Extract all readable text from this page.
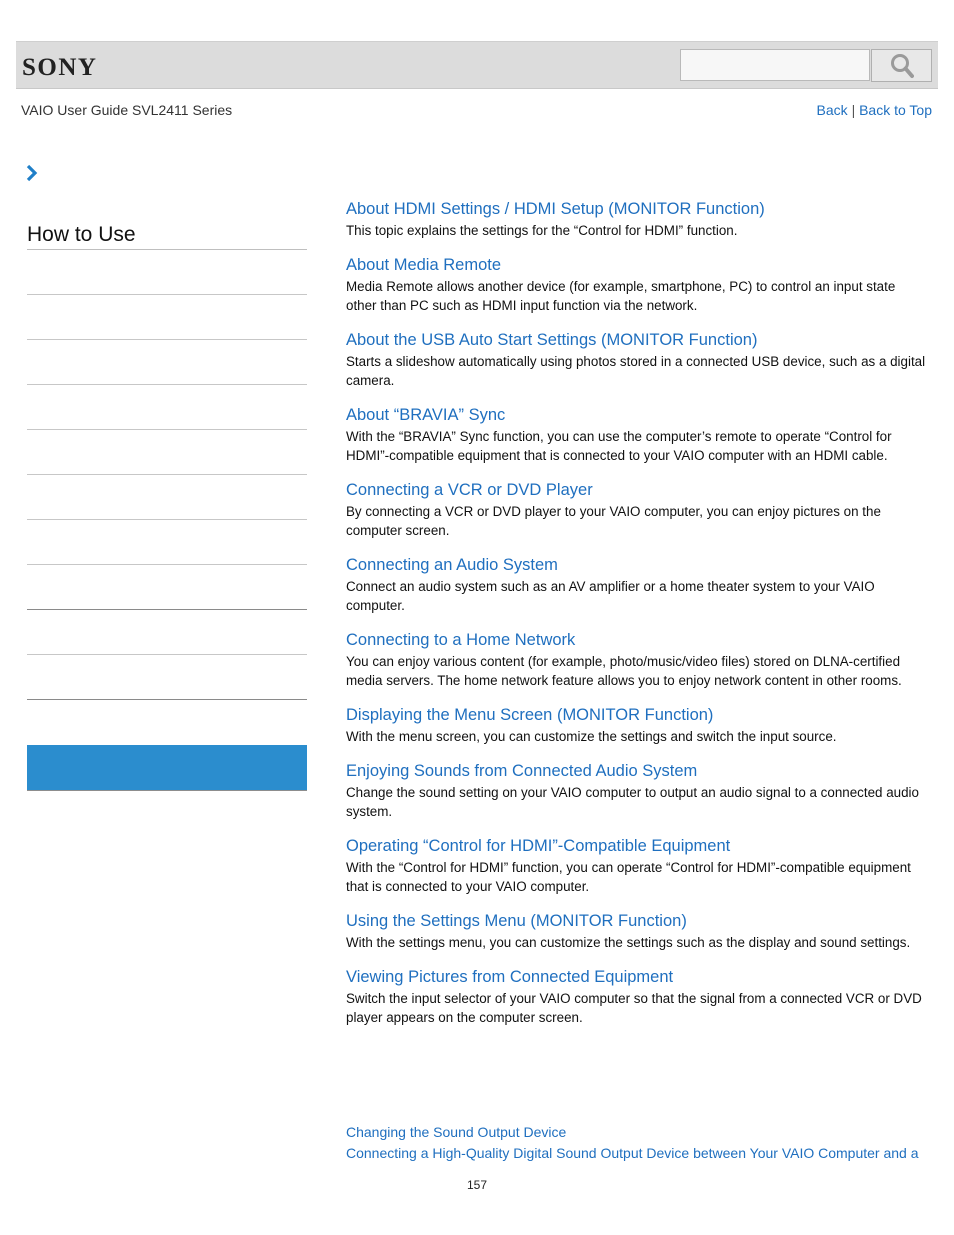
SONY
VAIO User Guide SVL2411 Series	Back | Back to Top
How to Use
About HDMI Settings / HDMI Setup (MONITOR Function)
This topic explains the settings for the “Control for HDMI” function.
About Media Remote
Media Remote allows another device (for example, smartphone, PC) to control an input state other than PC such as HDMI input function via the network.
About the USB Auto Start Settings (MONITOR Function)
Starts a slideshow automatically using photos stored in a connected USB device, such as a digital camera.
About “BRAVIA” Sync
With the “BRAVIA” Sync function, you can use the computer’s remote to operate “Control for HDMI”-compatible equipment that is connected to your VAIO computer with an HDMI cable.
Connecting a VCR or DVD Player
By connecting a VCR or DVD player to your VAIO computer, you can enjoy pictures on the computer screen.
Connecting an Audio System
Connect an audio system such as an AV amplifier or a home theater system to your VAIO computer.
Connecting to a Home Network
You can enjoy various content (for example, photo/music/video files) stored on DLNA-certified media servers. The home network feature allows you to enjoy network content in other rooms.
Displaying the Menu Screen (MONITOR Function)
With the menu screen, you can customize the settings and switch the input source.
Enjoying Sounds from Connected Audio System
Change the sound setting on your VAIO computer to output an audio signal to a connected audio system.
Operating “Control for HDMI”-Compatible Equipment
With the “Control for HDMI” function, you can operate “Control for HDMI”-compatible equipment that is connected to your VAIO computer.
Using the Settings Menu (MONITOR Function)
With the settings menu, you can customize the settings such as the display and sound settings.
Viewing Pictures from Connected Equipment
Switch the input selector of your VAIO computer so that the signal from a connected VCR or DVD player appears on the computer screen.
Changing the Sound Output Device
Connecting a High-Quality Digital Sound Output Device between Your VAIO Computer and a
157
